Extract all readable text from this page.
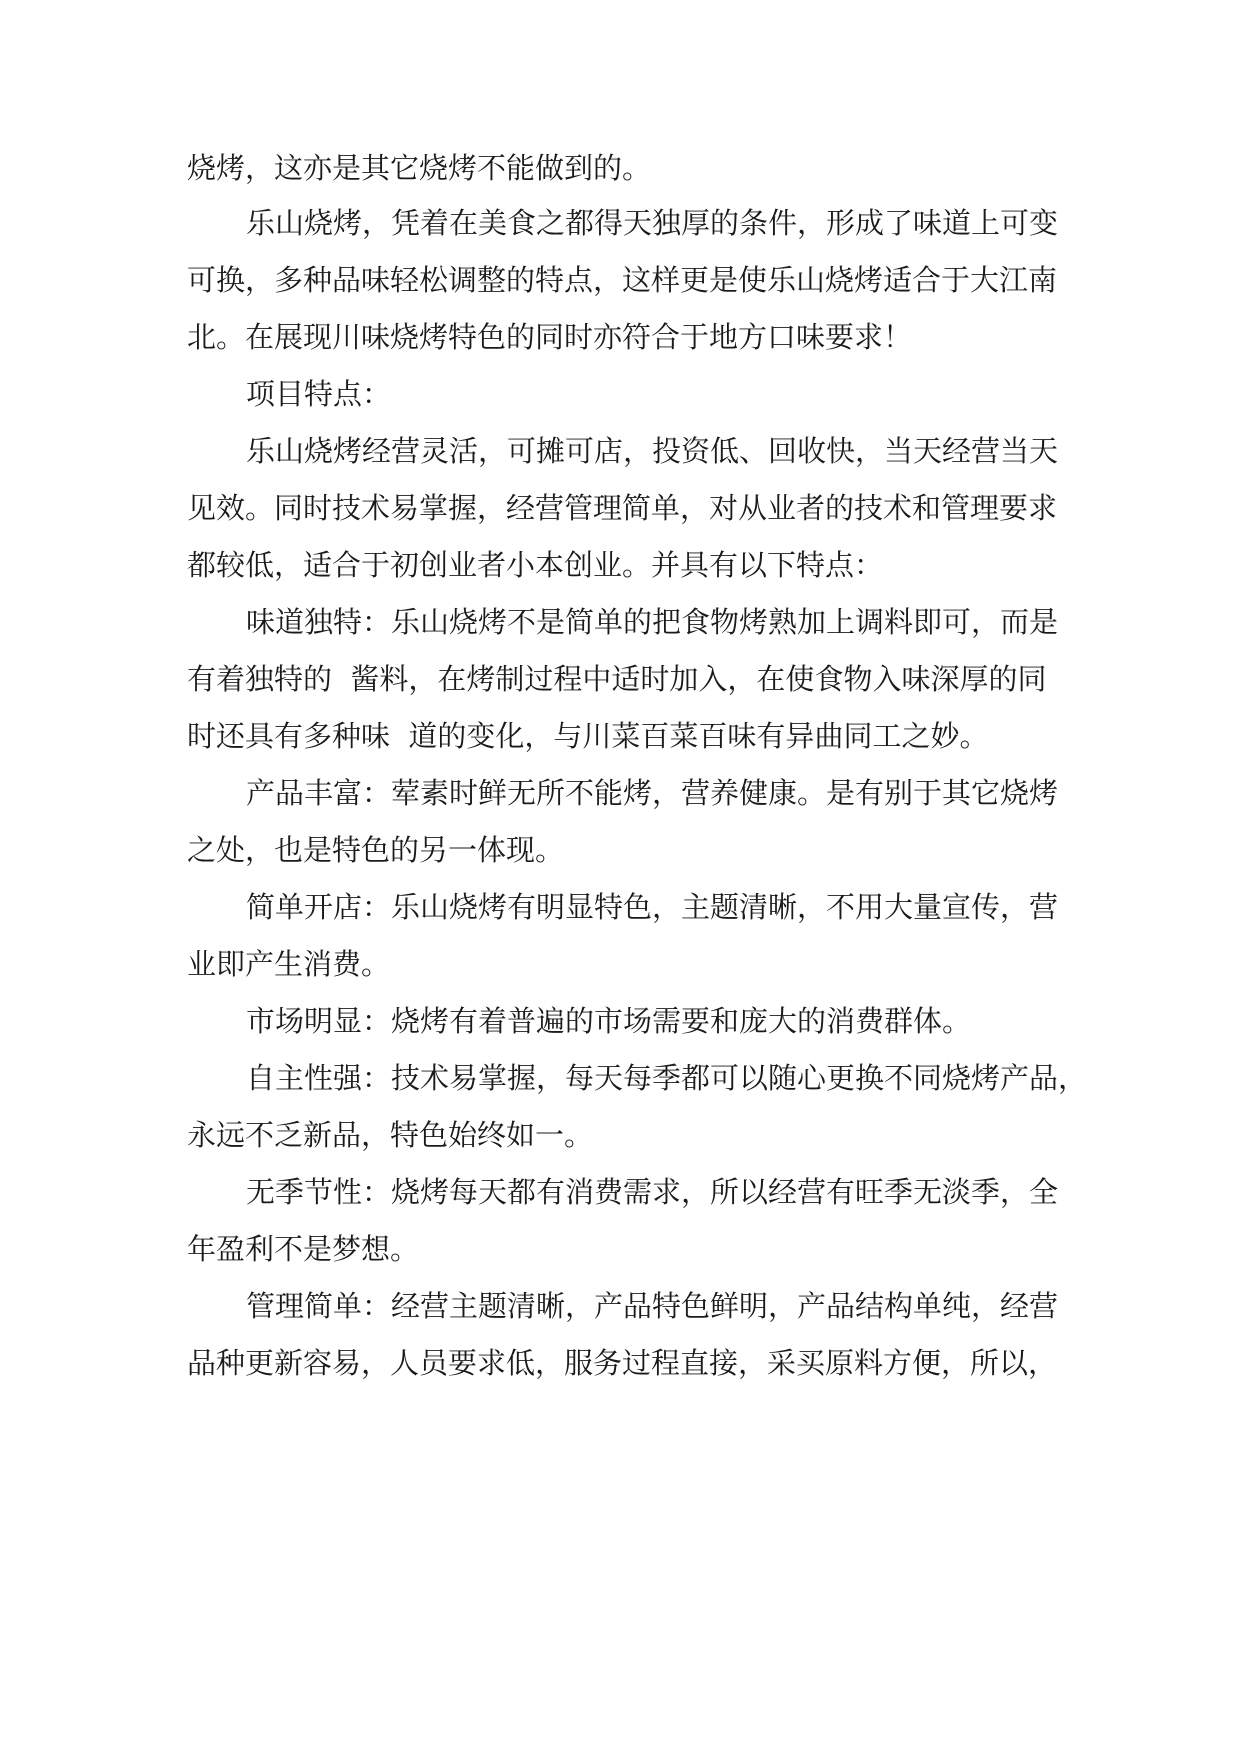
烧烤，这亦是其它烧烤不能做到的。
乐山烧烤，凭着在美食之都得天独厚的条件，形成了味道上可变
可换，多种品味轻松调整的特点，这样更是使乐山烧烤适合于大江南
北。在展现川味烧烤特色的同时亦符合于地方口味要求！
项目特点：
乐山烧烤经营灵活，可摊可店，投资低、回收快，当天经营当天
见效。同时技术易掌握，经营管理简单，对从业者的技术和管理要求
都较低，适合于初创业者小本创业。并具有以下特点：
味道独特：乐山烧烤不是简单的把食物烤熟加上调料即可，而是
有着独特的  酱料，在烤制过程中适时加入，在使食物入味深厚的同
时还具有多种味  道的变化，与川菜百菜百味有异曲同工之妙。
产品丰富：荤素时鲜无所不能烤，营养健康。是有别于其它烧烤
之处，也是特色的另一体现。
简单开店：乐山烧烤有明显特色，主题清晰，不用大量宣传，营
业即产生消费。
市场明显：烧烤有着普遍的市场需要和庞大的消费群体。
自主性强：技术易掌握，每天每季都可以随心更换不同烧烤产品，
永远不乏新品，特色始终如一。
无季节性：烧烤每天都有消费需求，所以经营有旺季无淡季，全
年盈利不是梦想。
管理简单：经营主题清晰，产品特色鲜明，产品结构单纯，经营
品种更新容易，人员要求低，服务过程直接，采买原料方便，所以，
